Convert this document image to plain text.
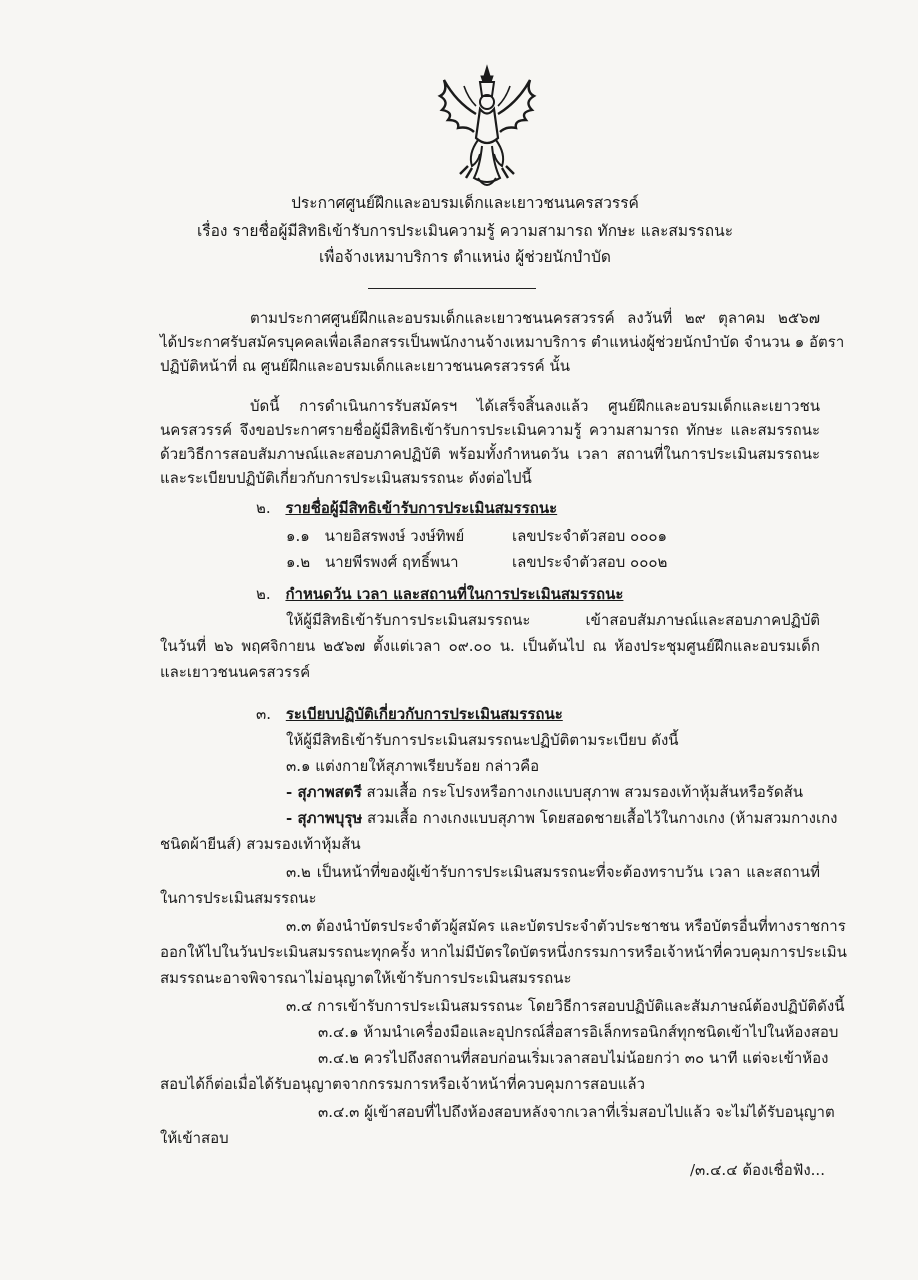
ประกาศศูนย์ฝึกและอบรมเด็กและเยาวชนนครสวรรค์
เรื่อง รายชื่อผู้มีสิทธิเข้ารับการประเมินความรู้ ความสามารถ ทักษะ และสมรรถนะ
เพื่อจ้างเหมาบริการ ตำแหน่ง ผู้ช่วยนักบำบัด
ตามประกาศศูนย์ฝึกและอบรมเด็กและเยาวชนนครสวรรค์ ลงวันที่ ๒๙ ตุลาคม ๒๕๖๗
ได้ประกาศรับสมัครบุคคลเพื่อเลือกสรรเป็นพนักงานจ้างเหมาบริการ ตำแหน่งผู้ช่วยนักบำบัด จำนวน ๑ อัตรา
ปฏิบัติหน้าที่ ณ ศูนย์ฝึกและอบรมเด็กและเยาวชนนครสวรรค์ นั้น
บัดนี้ การดำเนินการรับสมัครฯ ได้เสร็จสิ้นลงแล้ว ศูนย์ฝึกและอบรมเด็กและเยาวชน
นครสวรรค์ จึงขอประกาศรายชื่อผู้มีสิทธิเข้ารับการประเมินความรู้ ความสามารถ ทักษะ และสมรรถนะ
ด้วยวิธีการสอบสัมภาษณ์และสอบภาคปฏิบัติ พร้อมทั้งกำหนดวัน เวลา สถานที่ในการประเมินสมรรถนะ
และระเบียบปฏิบัติเกี่ยวกับการประเมินสมรรถนะ ดังต่อไปนี้
๒. รายชื่อผู้มีสิทธิเข้ารับการประเมินสมรรถนะ
๑.๑ นายอิสรพงษ์ วงษ์ทิพย์	เลขประจำตัวสอบ ๐๐๐๑
๑.๒ นายพีรพงศ์ ฤทธิ์พนา	เลขประจำตัวสอบ ๐๐๐๒
๒. กำหนดวัน เวลา และสถานที่ในการประเมินสมรรถนะ
ให้ผู้มีสิทธิเข้ารับการประเมินสมรรถนะ เข้าสอบสัมภาษณ์และสอบภาคปฏิบัติ
ในวันที่ ๒๖ พฤศจิกายน ๒๕๖๗ ตั้งแต่เวลา ๐๙.๐๐ น. เป็นต้นไป ณ ห้องประชุมศูนย์ฝึกและอบรมเด็ก
และเยาวชนนครสวรรค์
๓. ระเบียบปฏิบัติเกี่ยวกับการประเมินสมรรถนะ
ให้ผู้มีสิทธิเข้ารับการประเมินสมรรถนะปฏิบัติตามระเบียบ ดังนี้
๓.๑ แต่งกายให้สุภาพเรียบร้อย กล่าวคือ
- สุภาพสตรี สวมเสื้อ กระโปรงหรือกางเกงแบบสุภาพ สวมรองเท้าหุ้มส้นหรือรัดส้น
- สุภาพบุรุษ สวมเสื้อ กางเกงแบบสุภาพ โดยสอดชายเสื้อไว้ในกางเกง (ห้ามสวมกางเกง
ชนิดผ้ายีนส์) สวมรองเท้าหุ้มส้น
๓.๒ เป็นหน้าที่ของผู้เข้ารับการประเมินสมรรถนะที่จะต้องทราบวัน เวลา และสถานที่
ในการประเมินสมรรถนะ
๓.๓ ต้องนำบัตรประจำตัวผู้สมัคร และบัตรประจำตัวประชาชน หรือบัตรอื่นที่ทางราชการ
ออกให้ไปในวันประเมินสมรรถนะทุกครั้ง หากไม่มีบัตรใดบัตรหนึ่งกรรมการหรือเจ้าหน้าที่ควบคุมการประเมิน
สมรรถนะอาจพิจารณาไม่อนุญาตให้เข้ารับการประเมินสมรรถนะ
๓.๔ การเข้ารับการประเมินสมรรถนะ โดยวิธีการสอบปฏิบัติและสัมภาษณ์ต้องปฏิบัติดังนี้
๓.๔.๑ ห้ามนำเครื่องมือและอุปกรณ์สื่อสารอิเล็กทรอนิกส์ทุกชนิดเข้าไปในห้องสอบ
๓.๔.๒ ควรไปถึงสถานที่สอบก่อนเริ่มเวลาสอบไม่น้อยกว่า ๓๐ นาที แต่จะเข้าห้อง
สอบได้ก็ต่อเมื่อได้รับอนุญาตจากกรรมการหรือเจ้าหน้าที่ควบคุมการสอบแล้ว
๓.๔.๓ ผู้เข้าสอบที่ไปถึงห้องสอบหลังจากเวลาที่เริ่มสอบไปแล้ว จะไม่ได้รับอนุญาต
ให้เข้าสอบ
/๓.๔.๔ ต้องเชื่อฟัง...
